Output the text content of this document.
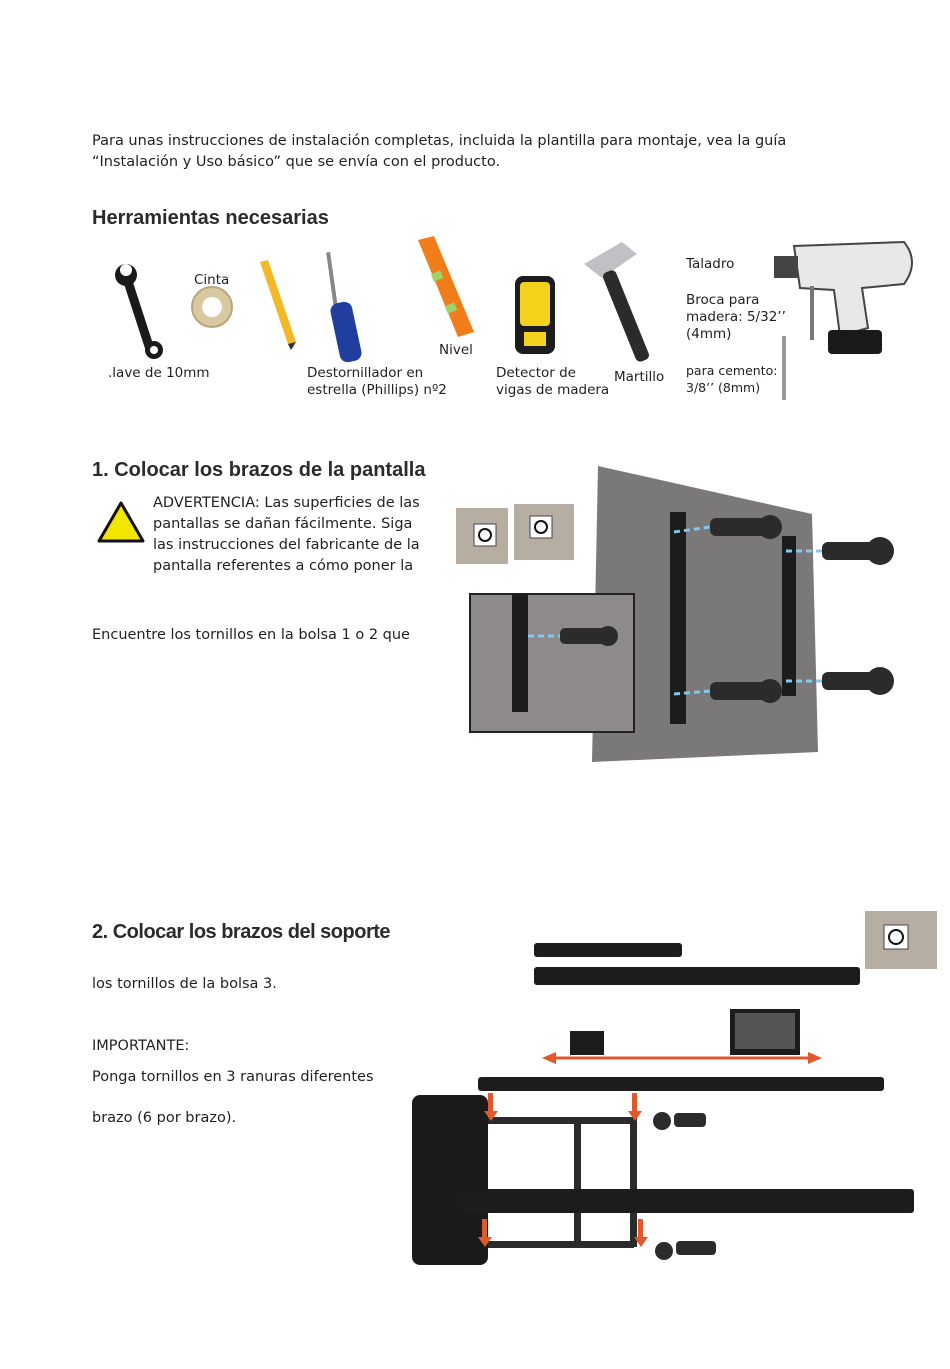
Para unas instrucciones de instalación completas, incluida la plantilla para montaje, vea la guía
“Instalación y Uso básico” que se envía con el producto.
Herramientas necesarias
Cinta
.lave de 10mm	Destornillador en
estrella (Phillips) nº2
Nivel
Detector de
vigas de madera
Martillo
Taladro
Broca para
madera: 5/32’’
(4mm)
para cemento:
3/8’’ (8mm)
1. Colocar los brazos de la pantalla
ADVERTENCIA: Las superficies de las
pantallas se dañan fácilmente. Siga
las instrucciones del fabricante de la
pantalla referentes a cómo poner la
Encuentre los tornillos en la bolsa 1 o 2 que
2. Colocar los brazos del soporte
los tornillos de la bolsa 3.
IMPORTANTE:
Ponga tornillos en 3 ranuras diferentes
brazo (6 por brazo).
